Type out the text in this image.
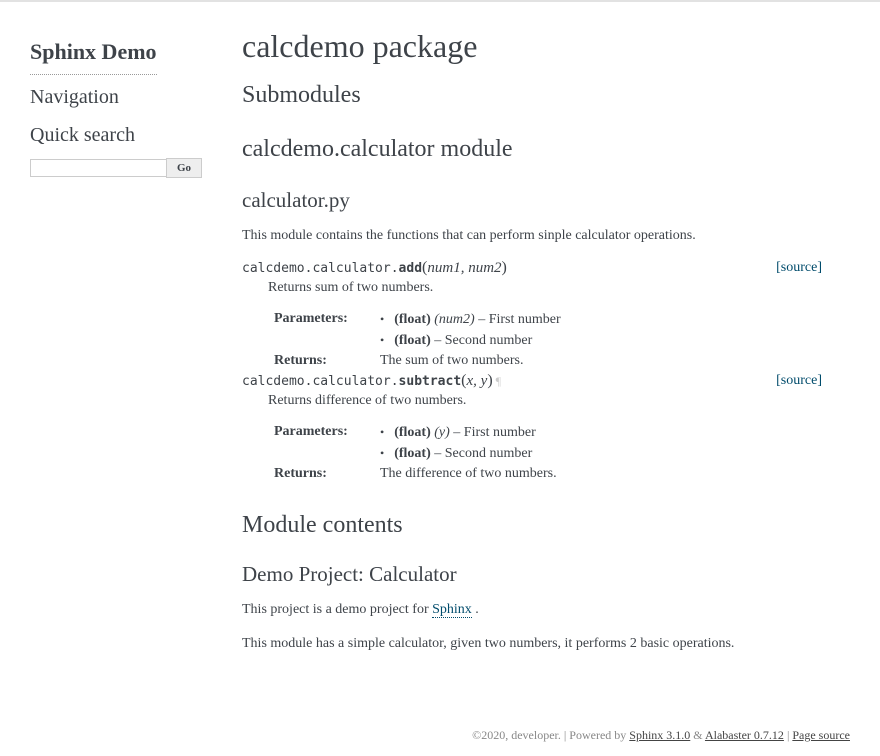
Sphinx Demo
Navigation
Quick search
Go
calcdemo package
Submodules
calcdemo.calculator module
calculator.py

This module contains the functions that can perform sinple calculator operations.

calcdemo.calculator.add(num1, num2)	[source]
Returns sum of two numbers.
Parameters:	
•(float) (num2) – First number
• (float) – Second number

Returns:	The sum of two numbers.
calcdemo.calculator.subtract(x, y) ¶	[source]
Returns difference of two numbers.
Parameters:	
•(float) (y) – First number
• (float) – Second number

Returns:	The difference of two numbers.
Module contents
Demo Project: Calculator

This project is a demo project for Sphinx .

This module has a simple calculator, given two numbers, it performs 2 basic operations.

©2020, developer. | Powered by Sphinx 3.1.0 & Alabaster 0.7.12 | Page source
